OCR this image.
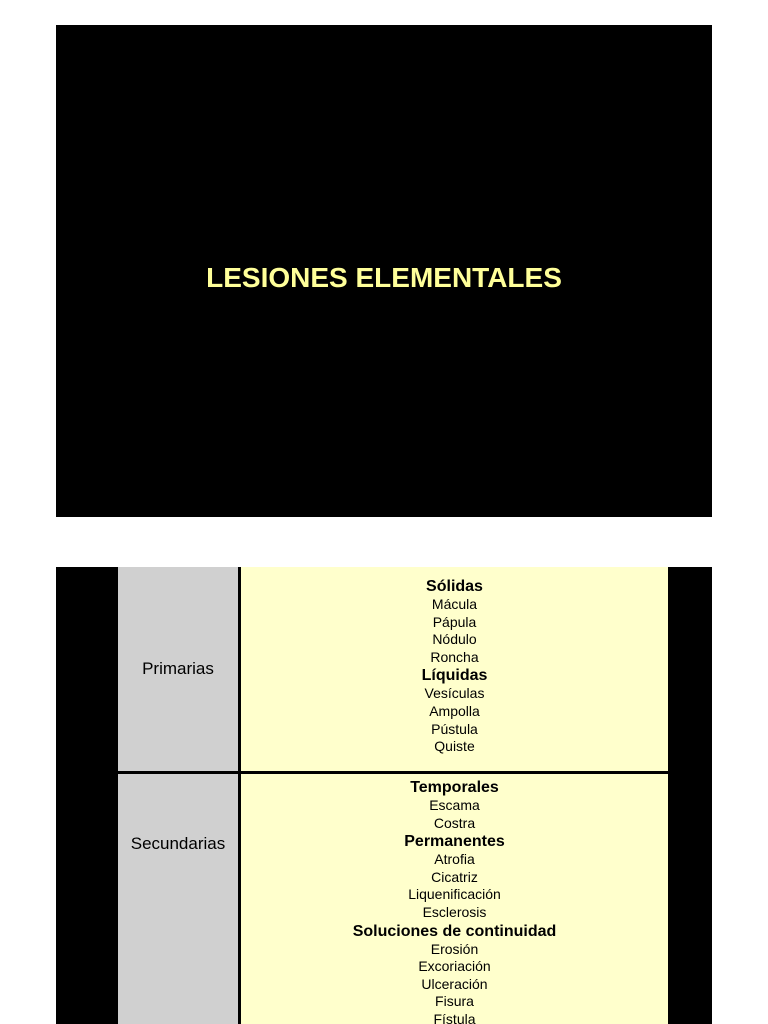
LESIONES ELEMENTALES
Primarias
Sólidas
Mácula
Pápula
Nódulo
Roncha
Líquidas
Vesículas
Ampolla
Pústula
Quiste
Secundarias
Temporales
Escama
Costra
Permanentes
Atrofia
Cicatriz
Liquenificación
Esclerosis
Soluciones de continuidad
Erosión
Excoriación
Ulceración
Fisura
Fístula
